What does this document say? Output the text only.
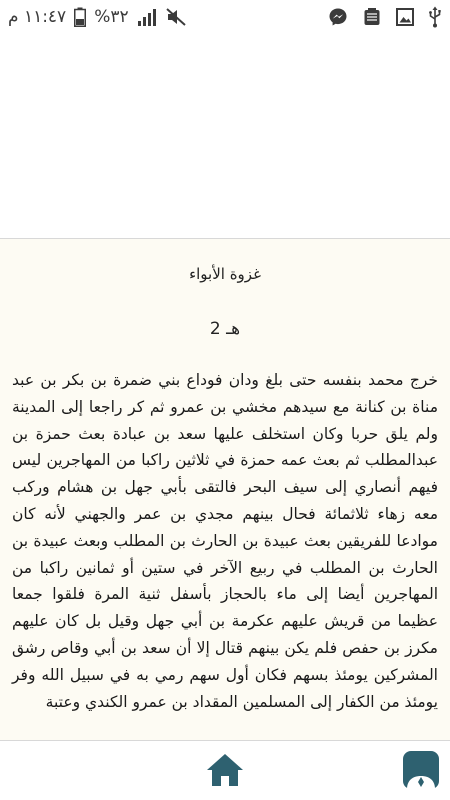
١١:٤٧ م %٣٢
غزوة الأبواء
2 هـ

خرج محمد بنفسه حتى بلغ ودان فوداع بني ضمرة بن بكر بن عبد مناة بن كنانة مع سيدهم مخشي بن عمرو ثم كر راجعا إلى المدينة ولم يلق حربا وكان استخلف عليها سعد بن عبادة بعث حمزة بن عبدالمطلب ثم بعث عمه حمزة في ثلاثين راكبا من المهاجرين ليس فيهم أنصاري إلى سيف البحر فالتقى بأبي جهل بن هشام وركب معه زهاء ثلاثمائة فحال بينهم مجدي بن عمر والجهني لأنه كان موادعا للفريقين بعث عبيدة بن الحارث بن المطلب وبعث عبيدة بن الحارث بن المطلب في ربيع الآخر في ستين أو ثمانين راكبا من المهاجرين أيضا إلى ماء بالحجاز بأسفل ثنية المرة فلقوا جمعا عظيما من قريش عليهم عكرمة بن أبي جهل وقيل بل كان عليهم مكرز بن حفص فلم يكن بينهم قتال إلا أن سعد بن أبي وقاص رشق المشركين يومئذ بسهم فكان أول سهم رمي به في سبيل الله وفر يومئذ من الكفار إلى المسلمين المقداد بن عمرو الكندي وعتبة
